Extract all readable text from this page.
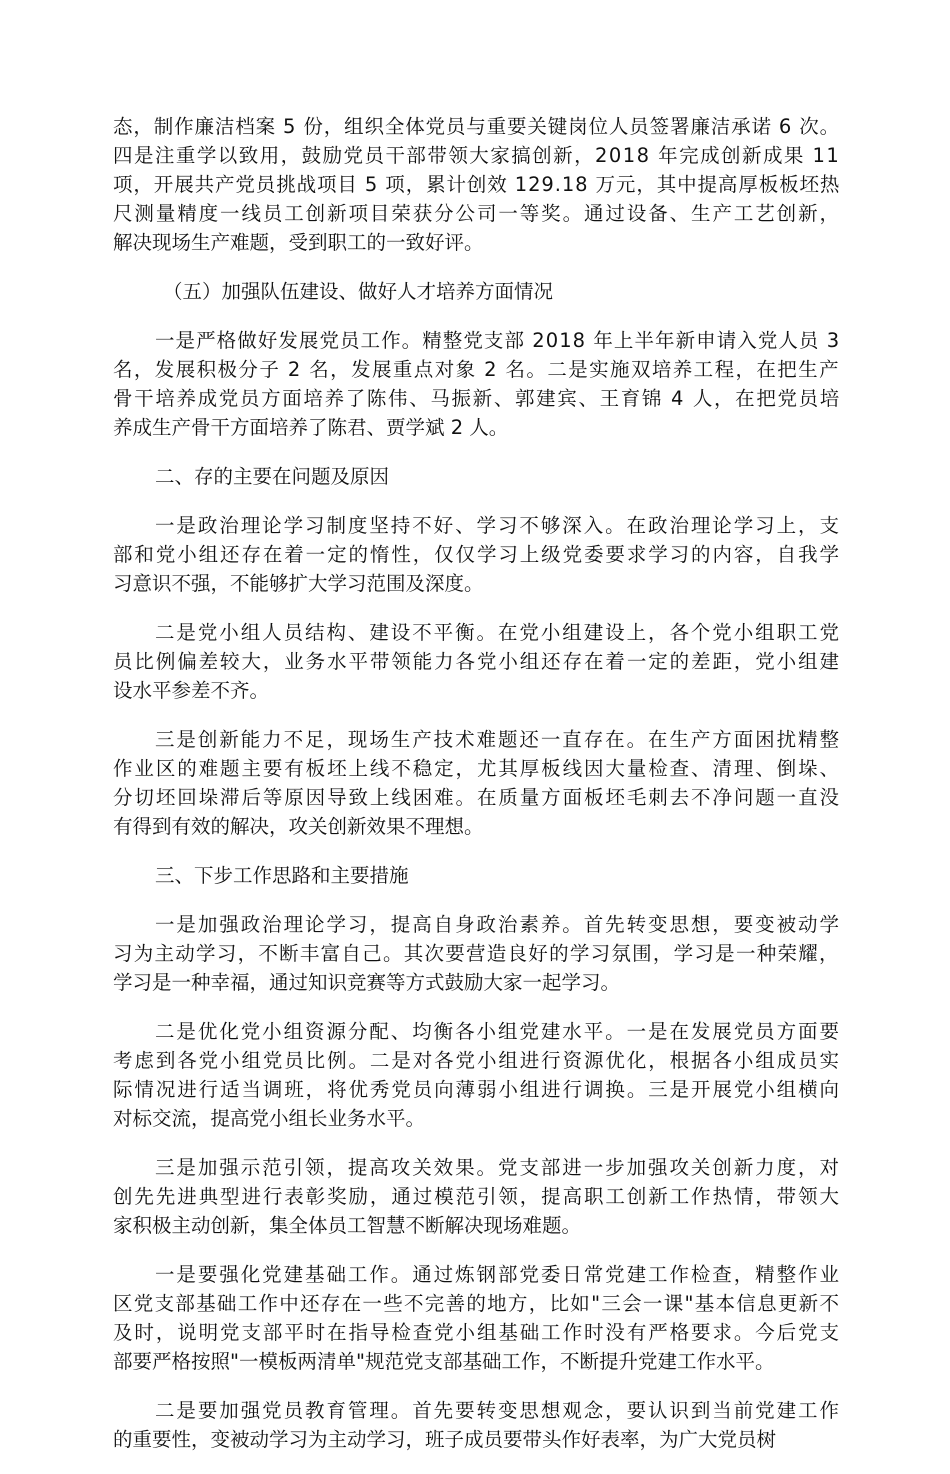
态，制作廉洁档案 5 份，组织全体党员与重要关键岗位人员签署廉洁承诺 6 次。
四是注重学以致用，鼓励党员干部带领大家搞创新，2018 年完成创新成果 11
项，开展共产党员挑战项目 5 项，累计创效 129.18 万元，其中提高厚板板坯热
尺测量精度一线员工创新项目荣获分公司一等奖。通过设备、生产工艺创新，
解决现场生产难题，受到职工的一致好评。
（五）加强队伍建设、做好人才培养方面情况
一是严格做好发展党员工作。精整党支部 2018 年上半年新申请入党人员 3
名，发展积极分子 2 名，发展重点对象 2 名。二是实施双培养工程，在把生产
骨干培养成党员方面培养了陈伟、马振新、郭建宾、王育锦 4 人，在把党员培
养成生产骨干方面培养了陈君、贾学斌 2 人。
二、存的主要在问题及原因
一是政治理论学习制度坚持不好、学习不够深入。在政治理论学习上，支
部和党小组还存在着一定的惰性，仅仅学习上级党委要求学习的内容，自我学
习意识不强，不能够扩大学习范围及深度。
二是党小组人员结构、建设不平衡。在党小组建设上，各个党小组职工党
员比例偏差较大，业务水平带领能力各党小组还存在着一定的差距，党小组建
设水平参差不齐。
三是创新能力不足，现场生产技术难题还一直存在。在生产方面困扰精整
作业区的难题主要有板坯上线不稳定，尤其厚板线因大量检查、清理、倒垛、
分切坯回垛滞后等原因导致上线困难。在质量方面板坯毛刺去不净问题一直没
有得到有效的解决，攻关创新效果不理想。
三、下步工作思路和主要措施
一是加强政治理论学习，提高自身政治素养。首先转变思想，要变被动学
习为主动学习，不断丰富自己。其次要营造良好的学习氛围，学习是一种荣耀，
学习是一种幸福，通过知识竞赛等方式鼓励大家一起学习。
二是优化党小组资源分配、均衡各小组党建水平。一是在发展党员方面要
考虑到各党小组党员比例。二是对各党小组进行资源优化，根据各小组成员实
际情况进行适当调班，将优秀党员向薄弱小组进行调换。三是开展党小组横向
对标交流，提高党小组长业务水平。
三是加强示范引领，提高攻关效果。党支部进一步加强攻关创新力度，对
创先先进典型进行表彰奖励，通过模范引领，提高职工创新工作热情，带领大
家积极主动创新，集全体员工智慧不断解决现场难题。
一是要强化党建基础工作。通过炼钢部党委日常党建工作检查，精整作业
区党支部基础工作中还存在一些不完善的地方，比如"三会一课"基本信息更新不
及时，说明党支部平时在指导检查党小组基础工作时没有严格要求。今后党支
部要严格按照"一模板两清单"规范党支部基础工作，不断提升党建工作水平。
二是要加强党员教育管理。首先要转变思想观念，要认识到当前党建工作
的重要性，变被动学习为主动学习，班子成员要带头作好表率，为广大党员树
